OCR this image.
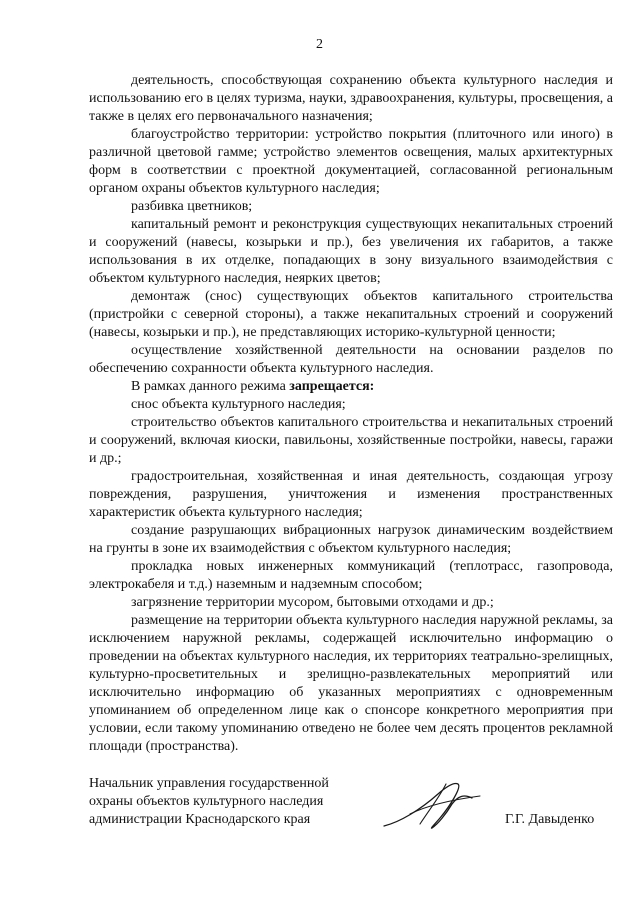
2

деятельность, способствующая сохранению объекта культурного наследия и использованию его в целях туризма, науки, здравоохранения, культуры, просвещения, а также в целях его первоначального назначения;

благоустройство территории: устройство покрытия (плиточного или иного) в различной цветовой гамме; устройство элементов освещения, малых архитектурных форм в соответствии с проектной документацией, согласованной региональным органом охраны объектов культурного наследия;

разбивка цветников;

капитальный ремонт и реконструкция существующих некапитальных строений и сооружений (навесы, козырьки и пр.), без увеличения их габаритов, а также использования в их отделке, попадающих в зону визуального взаимодействия с объектом культурного наследия, неярких цветов;

демонтаж (снос) существующих объектов капитального строительства (пристройки с северной стороны), а также некапитальных строений и сооружений (навесы, козырьки и пр.), не представляющих историко-культурной ценности;

осуществление хозяйственной деятельности на основании разделов по обеспечению сохранности объекта культурного наследия.

В рамках данного режима запрещается:

снос объекта культурного наследия;

строительство объектов капитального строительства и некапитальных строений и сооружений, включая киоски, павильоны, хозяйственные постройки, навесы, гаражи и др.;

градостроительная, хозяйственная и иная деятельность, создающая угрозу повреждения, разрушения, уничтожения и изменения пространственных характеристик объекта культурного наследия;

создание разрушающих вибрационных нагрузок динамическим воздействием на грунты в зоне их взаимодействия с объектом культурного наследия;

прокладка новых инженерных коммуникаций (теплотрасс, газопровода, электрокабеля и т.д.) наземным и надземным способом;

загрязнение территории мусором, бытовыми отходами и др.;

размещение на территории объекта культурного наследия наружной рекламы, за исключением наружной рекламы, содержащей исключительно информацию о проведении на объектах культурного наследия, их территориях театрально-зрелищных, культурно-просветительных и зрелищно-развлекательных мероприятий или исключительно информацию об указанных мероприятиях с одновременным упоминанием об определенном лице как о спонсоре конкретного мероприятия при условии, если такому упоминанию отведено не более чем десять процентов рекламной площади (пространства).

Начальник управления государственной
охраны объектов культурного наследия
администрации Краснодарского края	Г.Г. Давыденко
